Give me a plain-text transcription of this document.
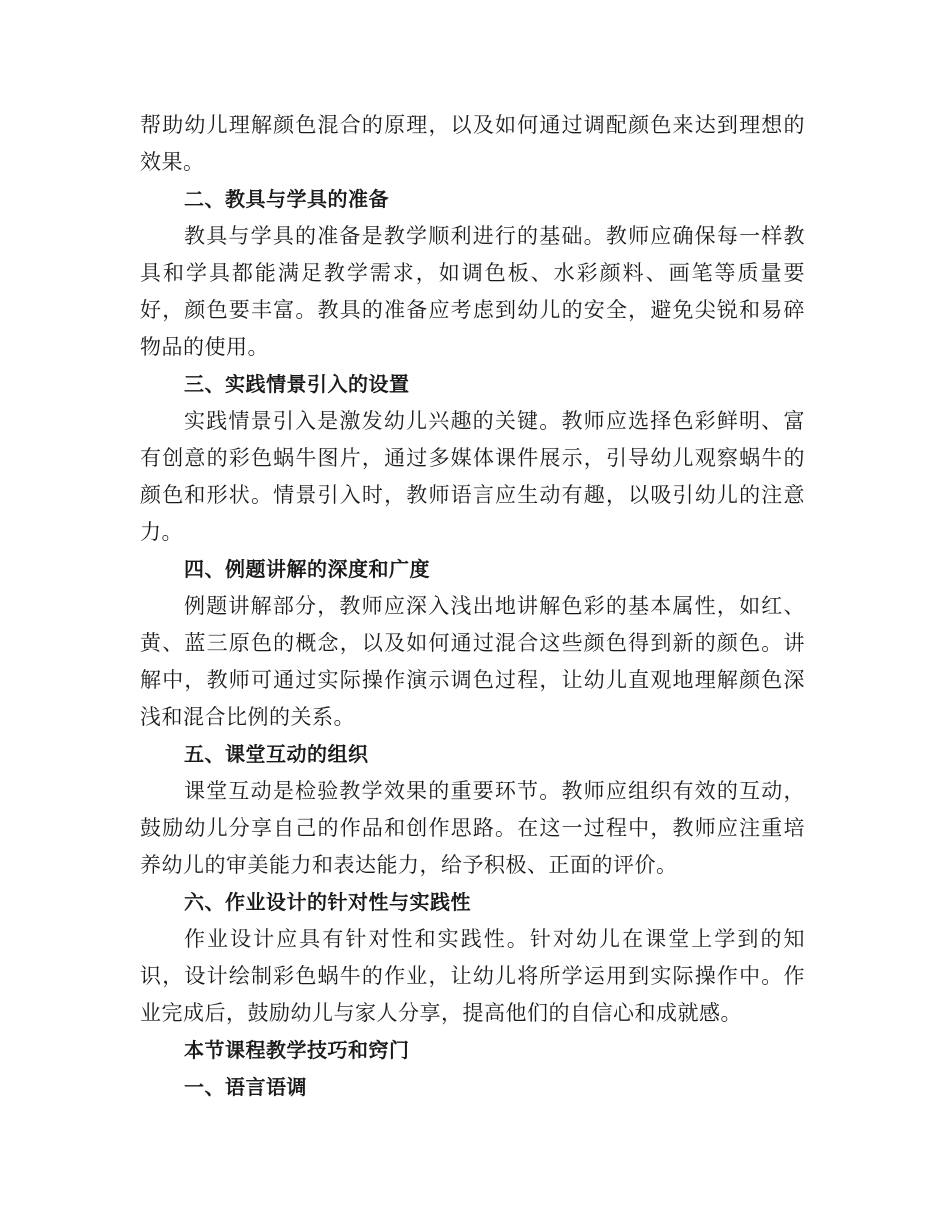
帮助幼儿理解颜色混合的原理，以及如何通过调配颜色来达到理想的效果。

二、教具与学具的准备

教具与学具的准备是教学顺利进行的基础。教师应确保每一样教具和学具都能满足教学需求，如调色板、水彩颜料、画笔等质量要好，颜色要丰富。教具的准备应考虑到幼儿的安全，避免尖锐和易碎物品的使用。

三、实践情景引入的设置

实践情景引入是激发幼儿兴趣的关键。教师应选择色彩鲜明、富有创意的彩色蜗牛图片，通过多媒体课件展示，引导幼儿观察蜗牛的颜色和形状。情景引入时，教师语言应生动有趣，以吸引幼儿的注意力。

四、例题讲解的深度和广度

例题讲解部分，教师应深入浅出地讲解色彩的基本属性，如红、黄、蓝三原色的概念，以及如何通过混合这些颜色得到新的颜色。讲解中，教师可通过实际操作演示调色过程，让幼儿直观地理解颜色深浅和混合比例的关系。

五、课堂互动的组织

课堂互动是检验教学效果的重要环节。教师应组织有效的互动，鼓励幼儿分享自己的作品和创作思路。在这一过程中，教师应注重培养幼儿的审美能力和表达能力，给予积极、正面的评价。

六、作业设计的针对性与实践性

作业设计应具有针对性和实践性。针对幼儿在课堂上学到的知识，设计绘制彩色蜗牛的作业，让幼儿将所学运用到实际操作中。作业完成后，鼓励幼儿与家人分享，提高他们的自信心和成就感。

本节课程教学技巧和窍门

一、语言语调
